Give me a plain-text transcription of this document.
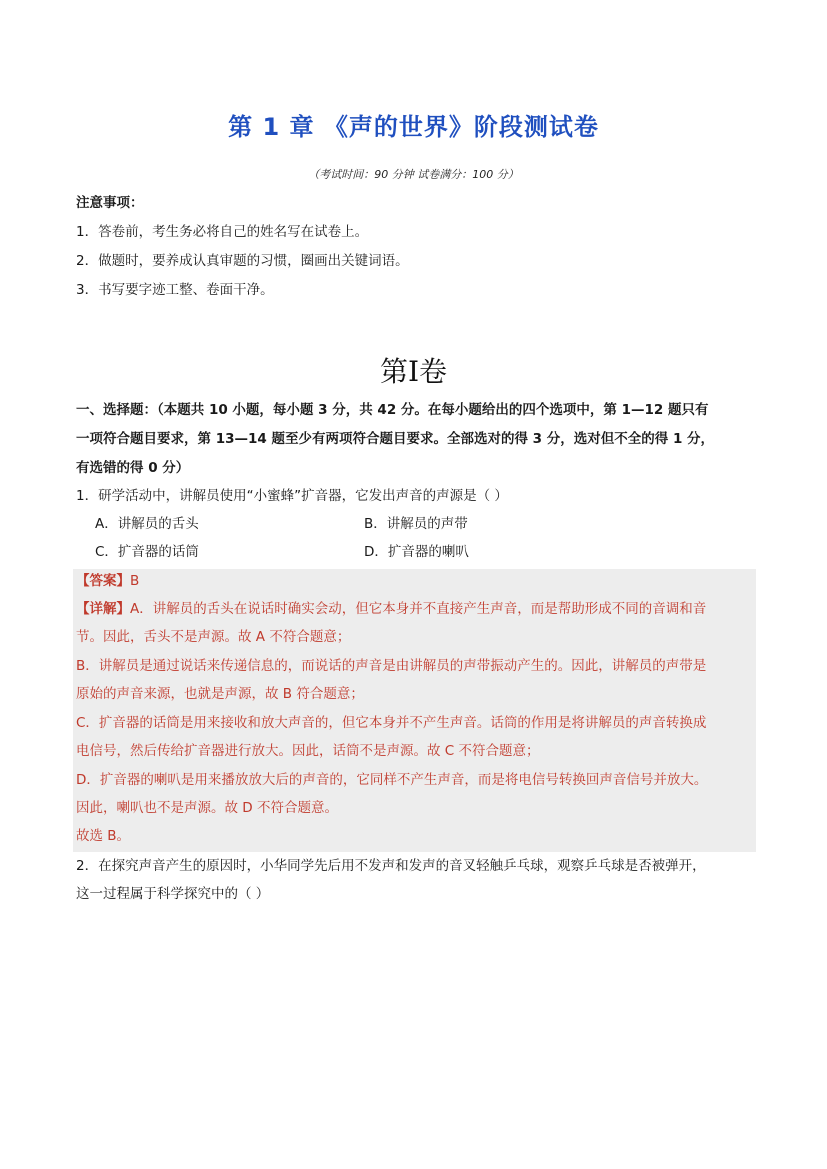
第 1 章 《声的世界》阶段测试卷
（考试时间：90 分钟 试卷满分：100 分）
注意事项：
1．答卷前，考生务必将自己的姓名写在试卷上。
2．做题时，要养成认真审题的习惯，圈画出关键词语。
3．书写要字迹工整、卷面干净。
第I卷
一、选择题：（本题共 10 小题，每小题 3 分，共 42 分。在每小题给出的四个选项中，第 1—12 题只有
一项符合题目要求，第 13—14 题至少有两项符合题目要求。全部选对的得 3 分，选对但不全的得 1 分，
有选错的得 0 分）
1．研学活动中，讲解员使用“小蜜蜂”扩音器，它发出声音的声源是（ ）
A．讲解员的舌头	B．讲解员的声带
C．扩音器的话筒	D．扩音器的喇叭
【答案】B
【详解】A．讲解员的舌头在说话时确实会动，但它本身并不直接产生声音，而是帮助形成不同的音调和音
节。因此，舌头不是声源。故 A 不符合题意；
B．讲解员是通过说话来传递信息的，而说话的声音是由讲解员的声带振动产生的。因此，讲解员的声带是
原始的声音来源，也就是声源，故 B 符合题意；
C．扩音器的话筒是用来接收和放大声音的，但它本身并不产生声音。话筒的作用是将讲解员的声音转换成
电信号，然后传给扩音器进行放大。因此，话筒不是声源。故 C 不符合题意；
D．扩音器的喇叭是用来播放放大后的声音的，它同样不产生声音，而是将电信号转换回声音信号并放大。
因此，喇叭也不是声源。故 D 不符合题意。
故选 B。
2．在探究声音产生的原因时，小华同学先后用不发声和发声的音叉轻触乒乓球，观察乒乓球是否被弹开，
这一过程属于科学探究中的（ ）
